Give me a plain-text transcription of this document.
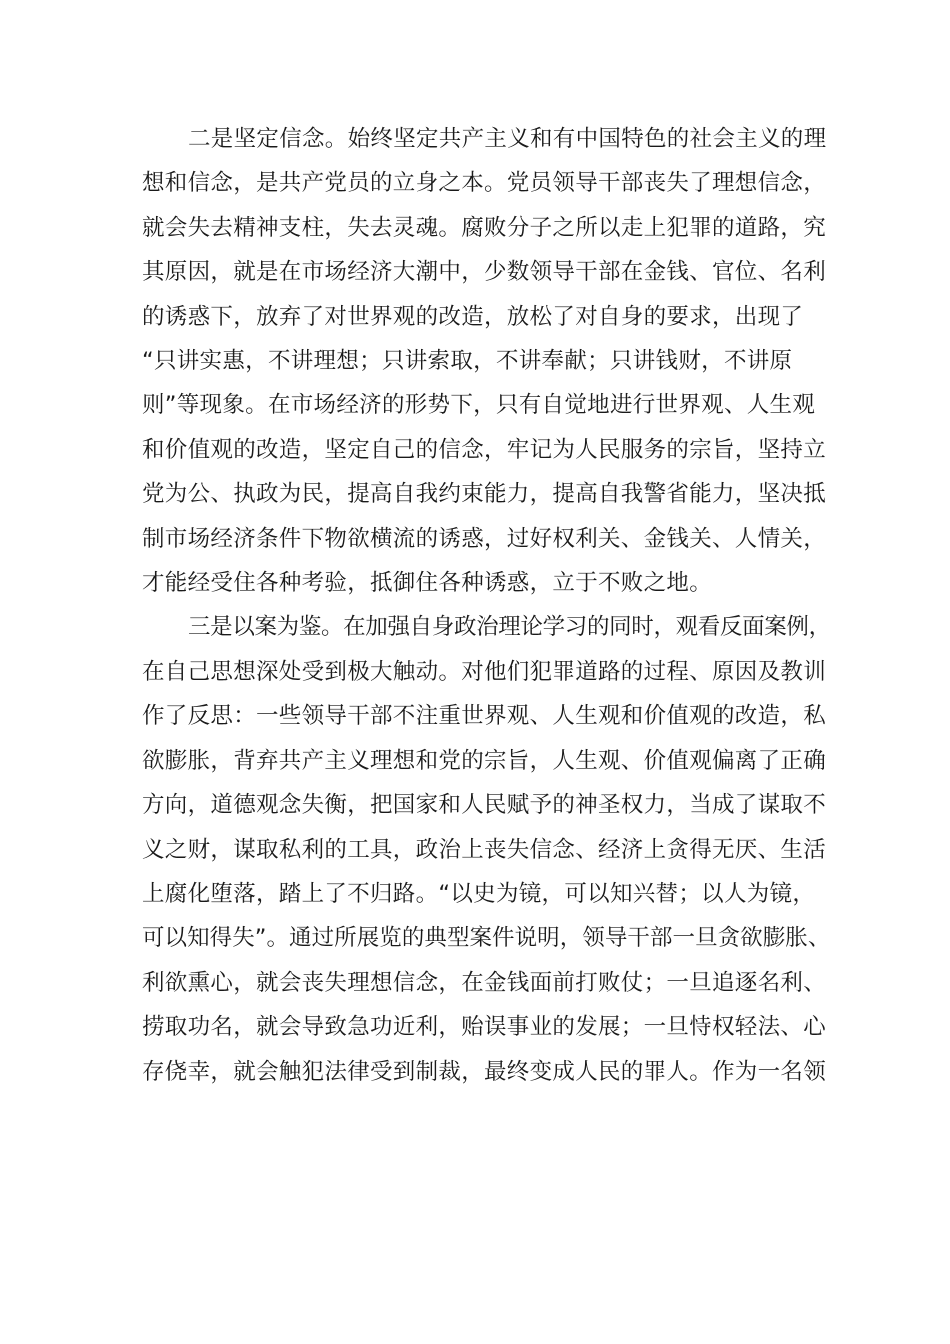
二是坚定信念。始终坚定共产主义和有中国特色的社会主义的理
想和信念，是共产党员的立身之本。党员领导干部丧失了理想信念，
就会失去精神支柱，失去灵魂。腐败分子之所以走上犯罪的道路，究
其原因，就是在市场经济大潮中，少数领导干部在金钱、官位、名利
的诱惑下，放弃了对世界观的改造，放松了对自身的要求，出现了
“只讲实惠，不讲理想；只讲索取，不讲奉献；只讲钱财，不讲原
则”等现象。在市场经济的形势下，只有自觉地进行世界观、人生观
和价值观的改造，坚定自己的信念，牢记为人民服务的宗旨，坚持立
党为公、执政为民，提高自我约束能力，提高自我警省能力，坚决抵
制市场经济条件下物欲横流的诱惑，过好权利关、金钱关、人情关，
才能经受住各种考验，抵御住各种诱惑，立于不败之地。

三是以案为鉴。在加强自身政治理论学习的同时，观看反面案例，
在自己思想深处受到极大触动。对他们犯罪道路的过程、原因及教训
作了反思：一些领导干部不注重世界观、人生观和价值观的改造，私
欲膨胀，背弃共产主义理想和党的宗旨，人生观、价值观偏离了正确
方向，道德观念失衡，把国家和人民赋予的神圣权力，当成了谋取不
义之财，谋取私利的工具，政治上丧失信念、经济上贪得无厌、生活
上腐化堕落，踏上了不归路。“以史为镜，可以知兴替；以人为镜，
可以知得失”。通过所展览的典型案件说明，领导干部一旦贪欲膨胀、
利欲熏心，就会丧失理想信念，在金钱面前打败仗；一旦追逐名利、
捞取功名，就会导致急功近利，贻误事业的发展；一旦恃权轻法、心
存侥幸，就会触犯法律受到制裁，最终变成人民的罪人。作为一名领
